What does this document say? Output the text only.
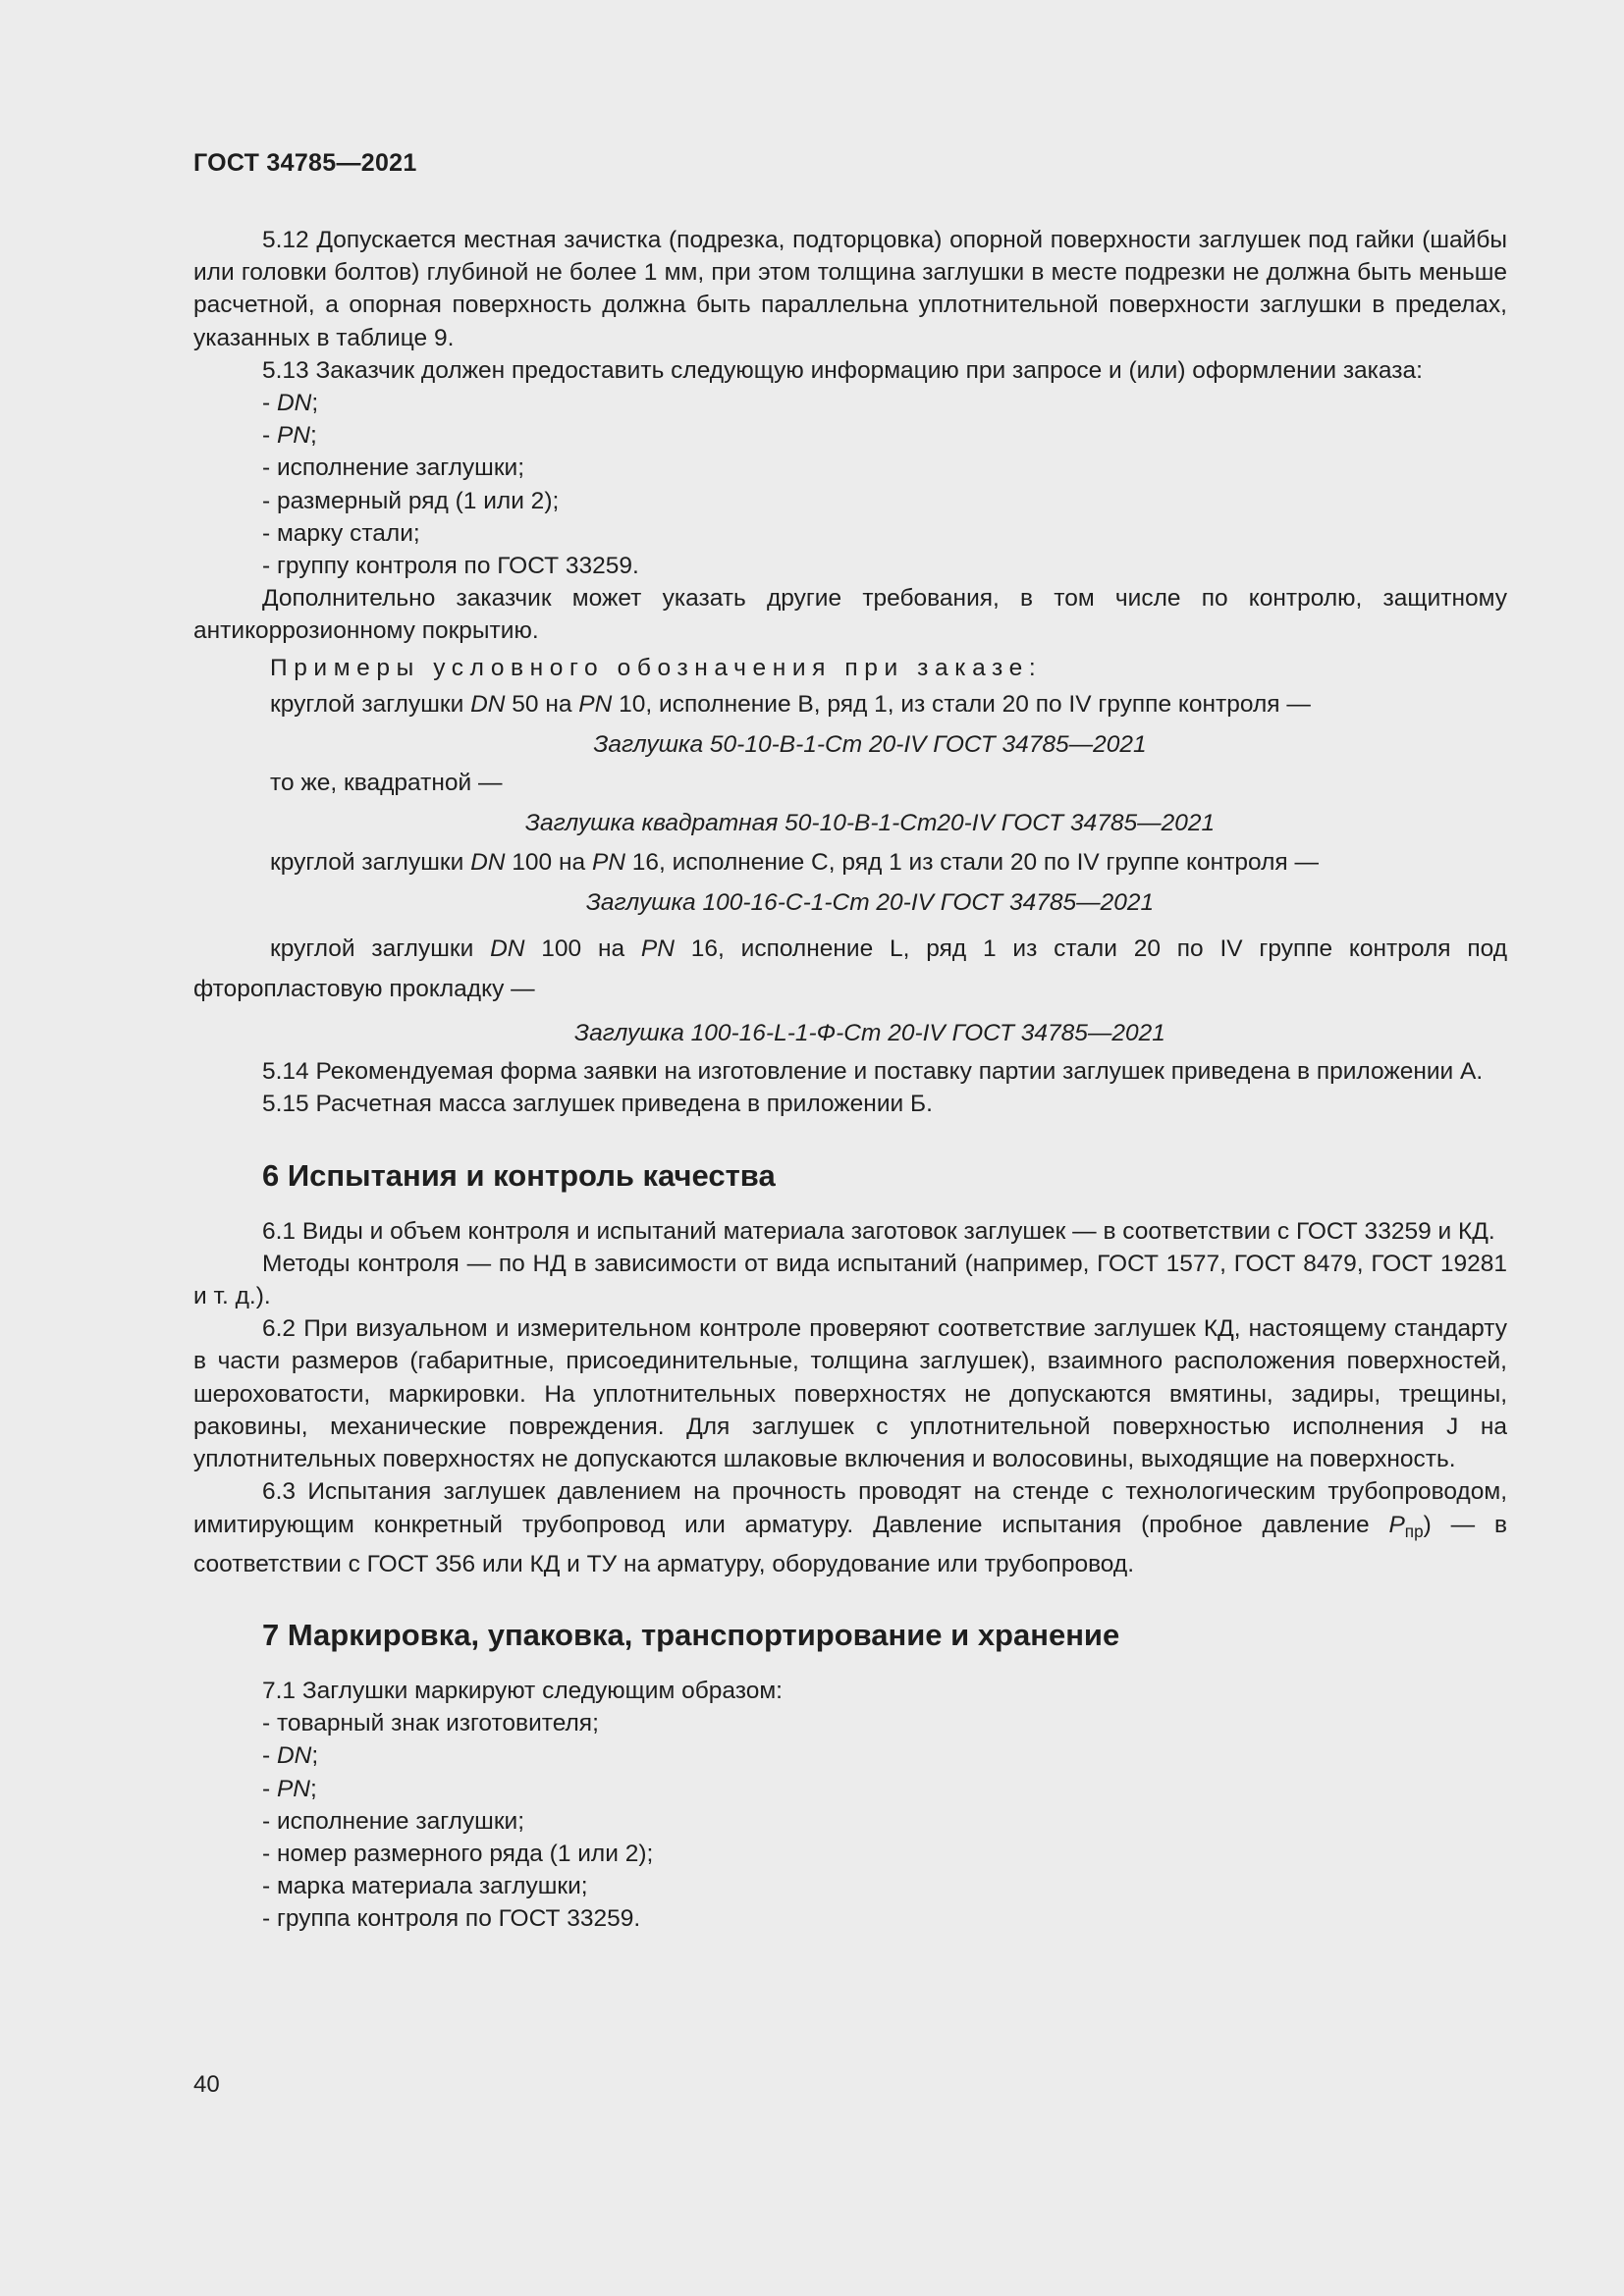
ГОСТ 34785—2021

5.12 Допускается местная зачистка (подрезка, подторцовка) опорной поверхности заглушек под гайки (шайбы или головки болтов) глубиной не более 1 мм, при этом толщина заглушки в месте подрезки не должна быть меньше расчетной, а опорная поверхность должна быть параллельна уплотнительной поверхности заглушки в пределах, указанных в таблице 9.

5.13 Заказчик должен предоставить следующую информацию при запросе и (или) оформлении заказа:

- DN;

- PN;

- исполнение заглушки;

- размерный ряд (1 или 2);

- марку стали;

- группу контроля по ГОСТ 33259.

Дополнительно заказчик может указать другие требования, в том числе по контролю, защитному антикоррозионному покрытию.

Примеры условного обозначения при заказе:

круглой заглушки DN 50 на PN 10, исполнение B, ряд 1, из стали 20 по IV группе контроля —

Заглушка 50-10-B-1-Ст 20-IV ГОСТ 34785—2021

то же, квадратной —

Заглушка квадратная 50-10-B-1-Ст20-IV ГОСТ 34785—2021

круглой заглушки DN 100 на PN 16, исполнение C, ряд 1 из стали 20 по IV группе контроля —

Заглушка 100-16-С-1-Ст 20-IV ГОСТ 34785—2021

круглой заглушки DN 100 на PN 16, исполнение L, ряд 1 из стали 20 по IV группе контроля под фторопластовую прокладку —

Заглушка 100-16-L-1-Ф-Ст 20-IV ГОСТ 34785—2021

5.14 Рекомендуемая форма заявки на изготовление и поставку партии заглушек приведена в приложении А.

5.15 Расчетная масса заглушек приведена в приложении Б.

6 Испытания и контроль качества

6.1 Виды и объем контроля и испытаний материала заготовок заглушек — в соответствии с ГОСТ 33259 и КД.

Методы контроля — по НД в зависимости от вида испытаний (например, ГОСТ 1577, ГОСТ 8479, ГОСТ 19281 и т. д.).

6.2 При визуальном и измерительном контроле проверяют соответствие заглушек КД, настоящему стандарту в части размеров (габаритные, присоединительные, толщина заглушек), взаимного расположения поверхностей, шероховатости, маркировки. На уплотнительных поверхностях не допускаются вмятины, задиры, трещины, раковины, механические повреждения. Для заглушек с уплотнительной поверхностью исполнения J на уплотнительных поверхностях не допускаются шлаковые включения и волосовины, выходящие на поверхность.

6.3 Испытания заглушек давлением на прочность проводят на стенде с технологическим трубопроводом, имитирующим конкретный трубопровод или арматуру. Давление испытания (пробное давление $P_{пр}$) — в соответствии с ГОСТ 356 или КД и ТУ на арматуру, оборудование или трубопровод.

7 Маркировка, упаковка, транспортирование и хранение

7.1 Заглушки маркируют следующим образом:

- товарный знак изготовителя;

- DN;

- PN;

- исполнение заглушки;

- номер размерного ряда (1 или 2);

- марка материала заглушки;

- группа контроля по ГОСТ 33259.

40
